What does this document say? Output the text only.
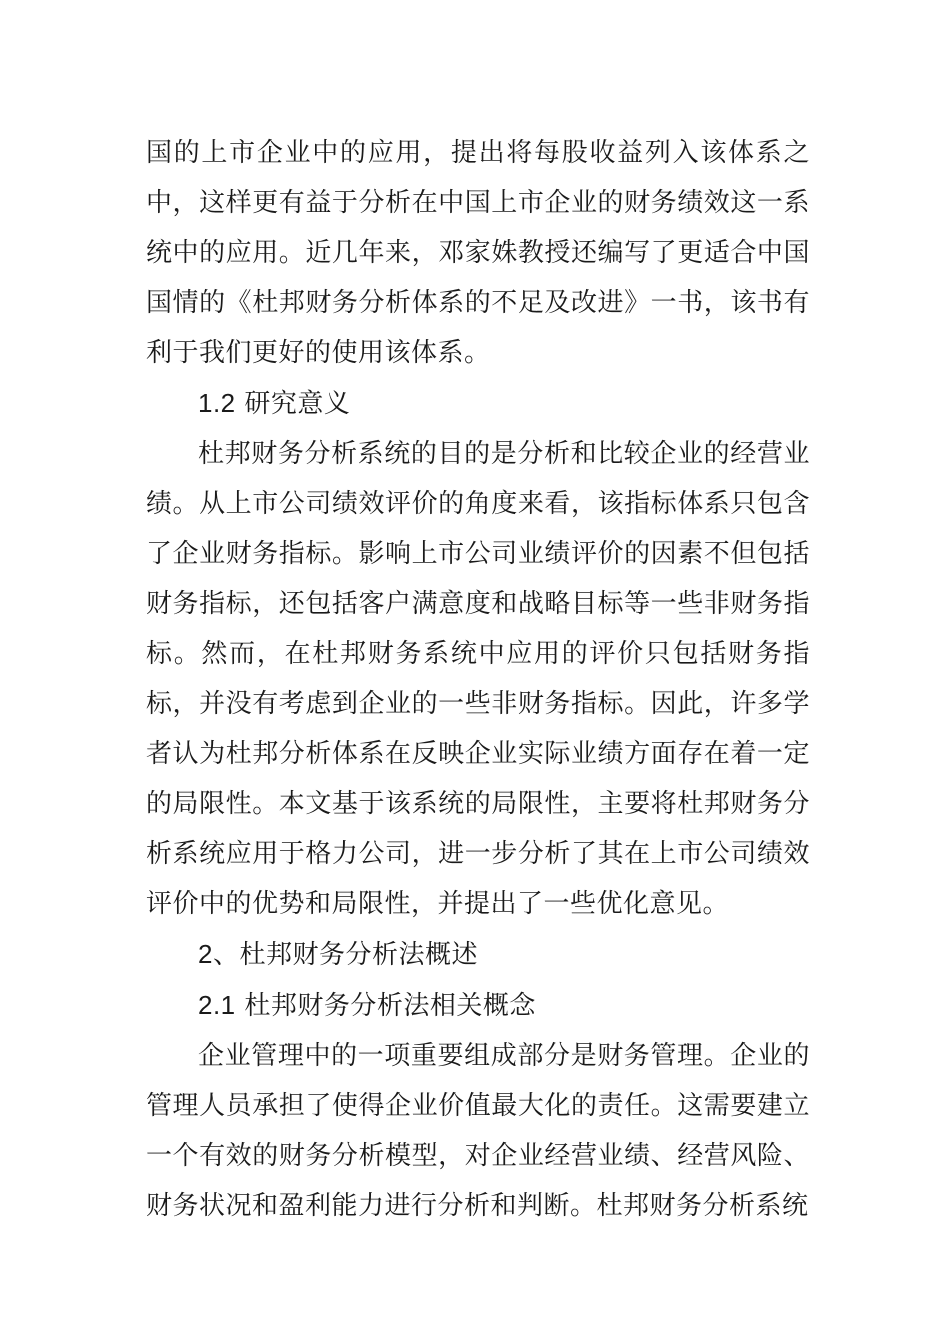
国的上市企业中的应用，提出将每股收益列入该体系之中，这样更有益于分析在中国上市企业的财务绩效这一系统中的应用。近几年来，邓家姝教授还编写了更适合中国国情的《杜邦财务分析体系的不足及改进》一书，该书有利于我们更好的使用该体系。

1.2 研究意义

杜邦财务分析系统的目的是分析和比较企业的经营业绩。从上市公司绩效评价的角度来看，该指标体系只包含了企业财务指标。影响上市公司业绩评价的因素不但包括财务指标，还包括客户满意度和战略目标等一些非财务指标。然而，在杜邦财务系统中应用的评价只包括财务指标，并没有考虑到企业的一些非财务指标。因此，许多学者认为杜邦分析体系在反映企业实际业绩方面存在着一定的局限性。本文基于该系统的局限性，主要将杜邦财务分析系统应用于格力公司，进一步分析了其在上市公司绩效评价中的优势和局限性，并提出了一些优化意见。

2、杜邦财务分析法概述

2.1 杜邦财务分析法相关概念

企业管理中的一项重要组成部分是财务管理。企业的管理人员承担了使得企业价值最大化的责任。这需要建立一个有效的财务分析模型，对企业经营业绩、经营风险、财务状况和盈利能力进行分析和判断。杜邦财务分析系统
